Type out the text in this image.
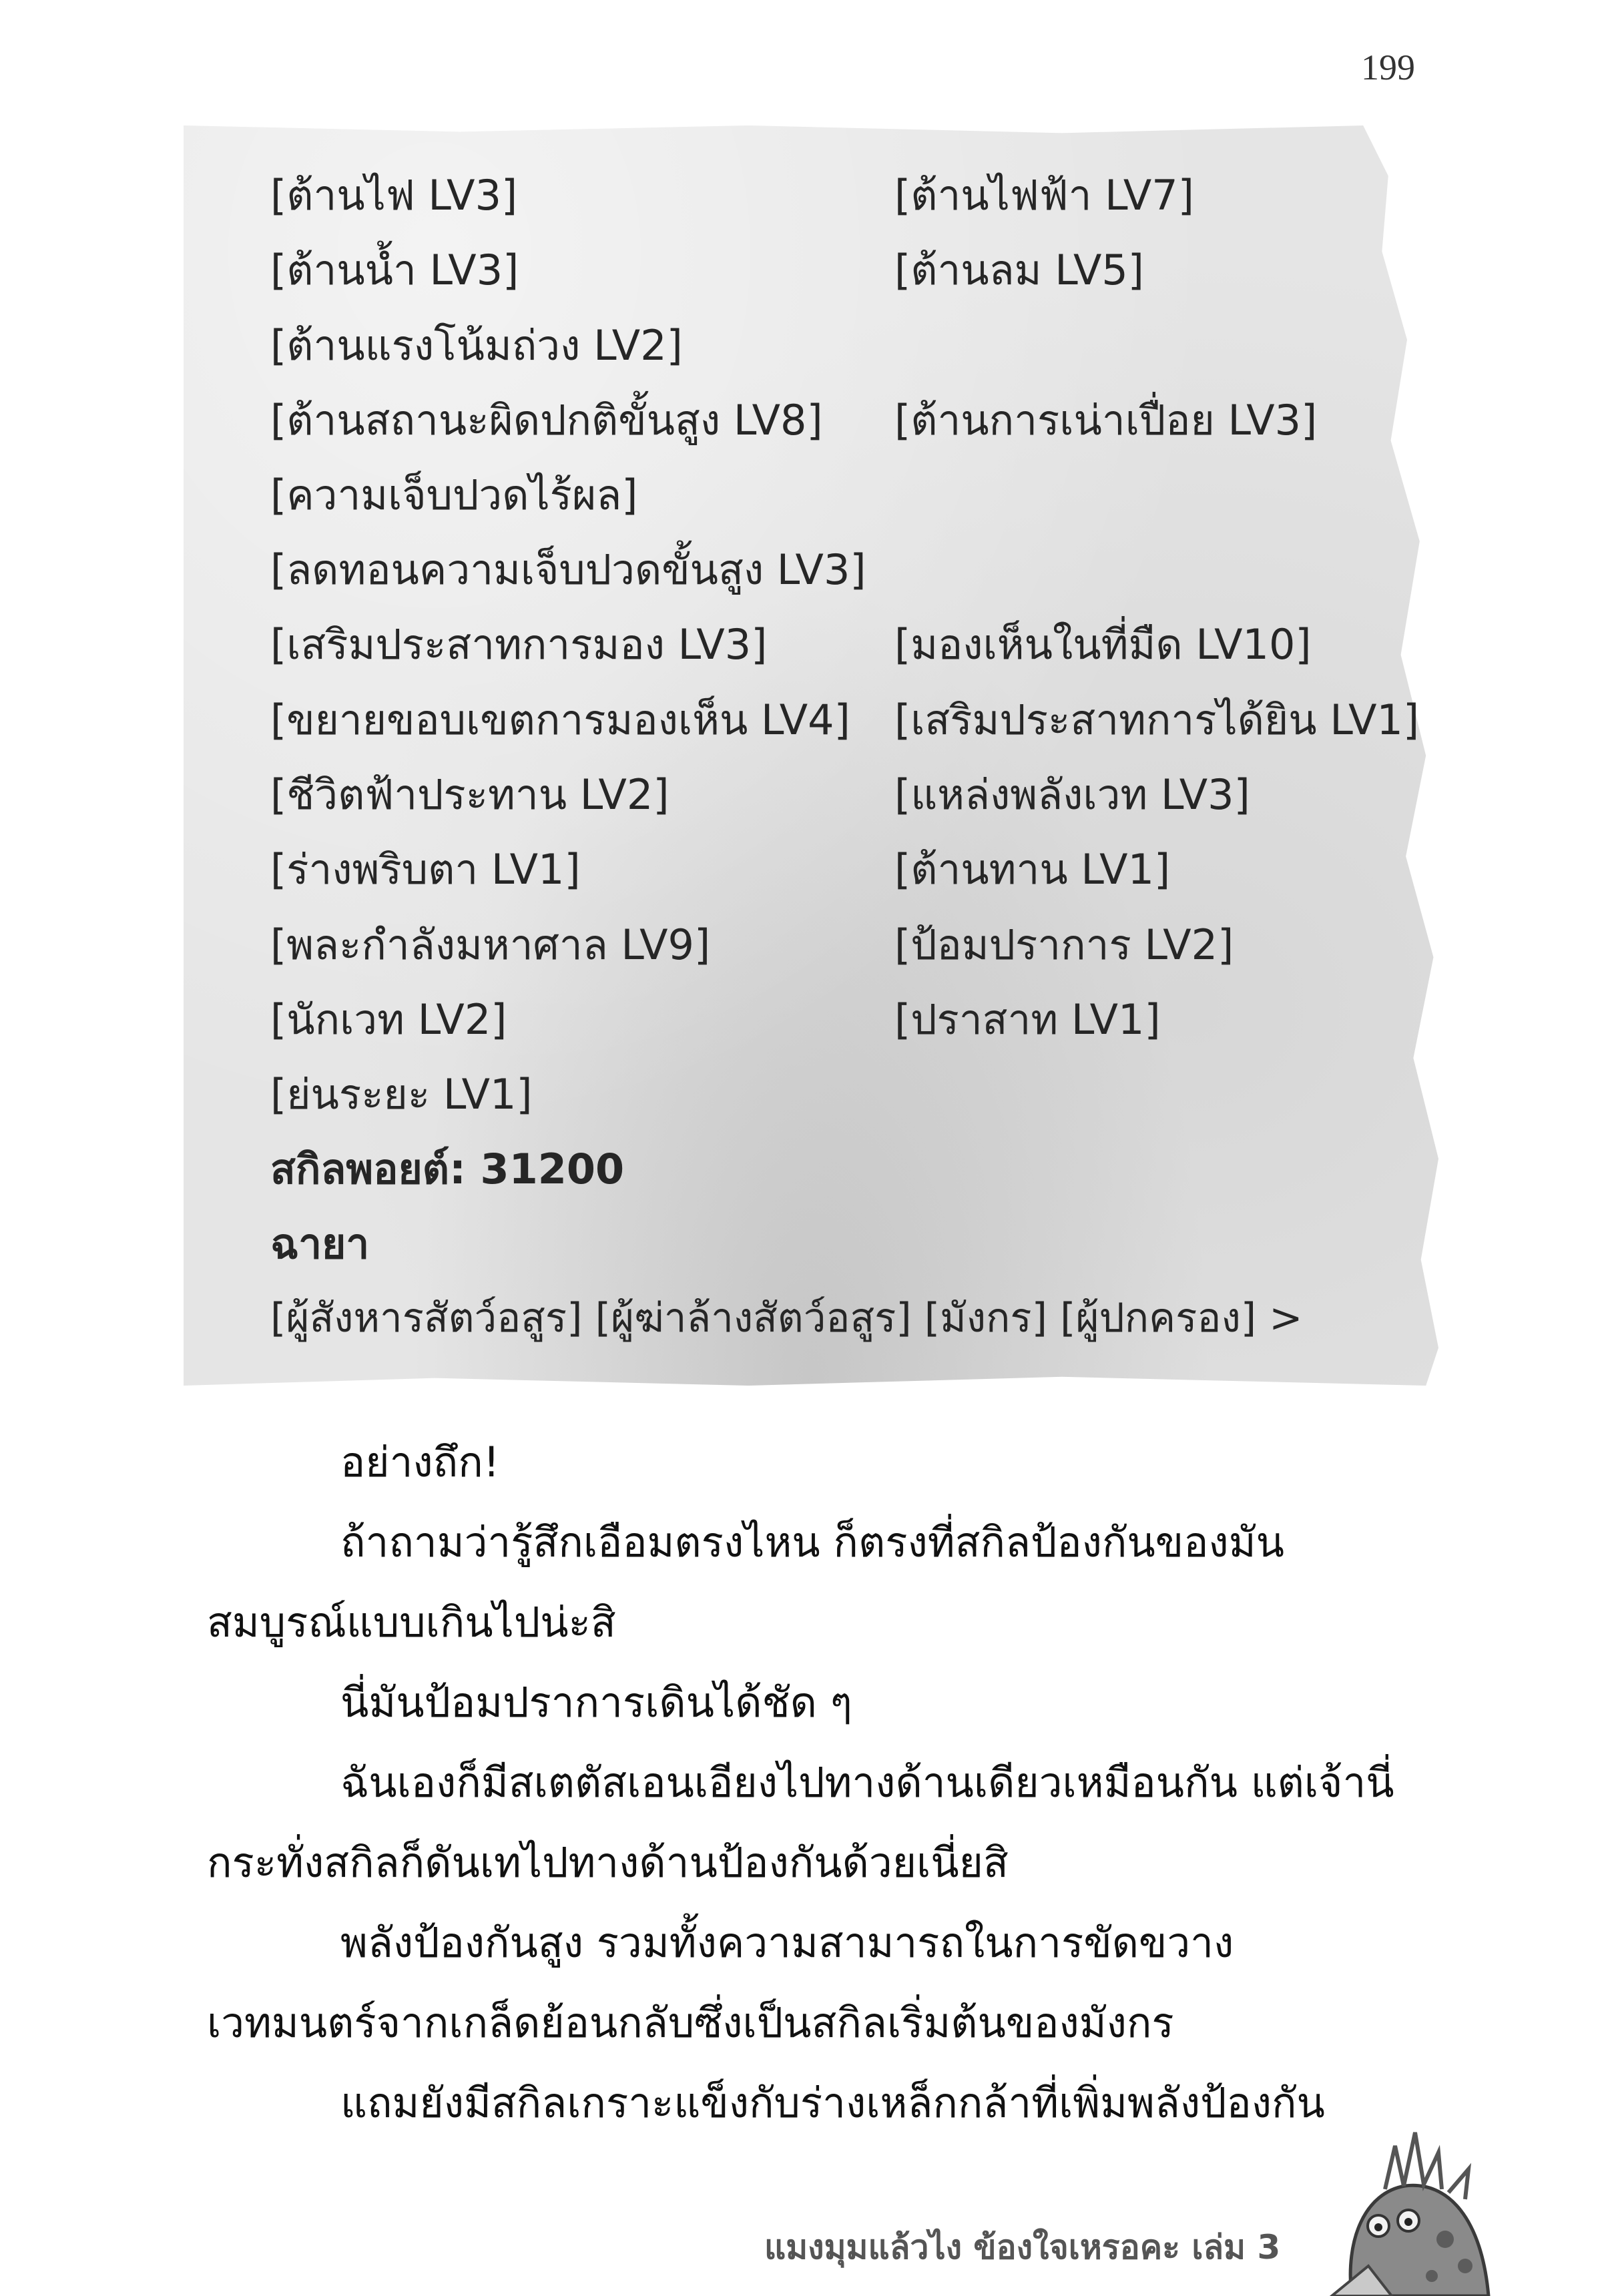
199
[ต้านไฟ LV3]	[ต้านไฟฟ้า LV7]
[ต้านน้ำ LV3]	[ต้านลม LV5]
[ต้านแรงโน้มถ่วง LV2]
[ต้านสถานะผิดปกติขั้นสูง LV8] [ต้านการเน่าเปื่อย LV3]
[ความเจ็บปวดไร้ผล]
[ลดทอนความเจ็บปวดขั้นสูง LV3]
[เสริมประสาทการมอง LV3]	[มองเห็นในที่มืด LV10]
[ขยายขอบเขตการมองเห็น LV4] [เสริมประสาทการได้ยิน LV1]
[ชีวิตฟ้าประทาน LV2]	[แหล่งพลังเวท LV3]
[ร่างพริบตา LV1]	[ต้านทาน LV1]
[พละกำลังมหาศาล LV9]	[ป้อมปราการ LV2]
[นักเวท LV2]	[ปราสาท LV1]
[ย่นระยะ LV1]
สกิลพอยต์: 31200
ฉายา
[ผู้สังหารสัตว์อสูร] [ผู้ฆ่าล้างสัตว์อสูร] [มังกร] [ผู้ปกครอง] >

อย่างถึก!

ถ้าถามว่ารู้สึกเอือมตรงไหน ก็ตรงที่สกิลป้องกันของมัน

สมบูรณ์แบบเกินไปน่ะสิ

นี่มันป้อมปราการเดินได้ชัด ๆ

ฉันเองก็มีสเตตัสเอนเอียงไปทางด้านเดียวเหมือนกัน แต่เจ้านี่

กระทั่งสกิลก็ดันเทไปทางด้านป้องกันด้วยเนี่ยสิ

พลังป้องกันสูง รวมทั้งความสามารถในการขัดขวาง

เวทมนตร์จากเกล็ดย้อนกลับซึ่งเป็นสกิลเริ่มต้นของมังกร

แถมยังมีสกิลเกราะแข็งกับร่างเหล็กกล้าที่เพิ่มพลังป้องกัน

แมงมุมแล้วไง ข้องใจเหรอคะ เล่ม 3
